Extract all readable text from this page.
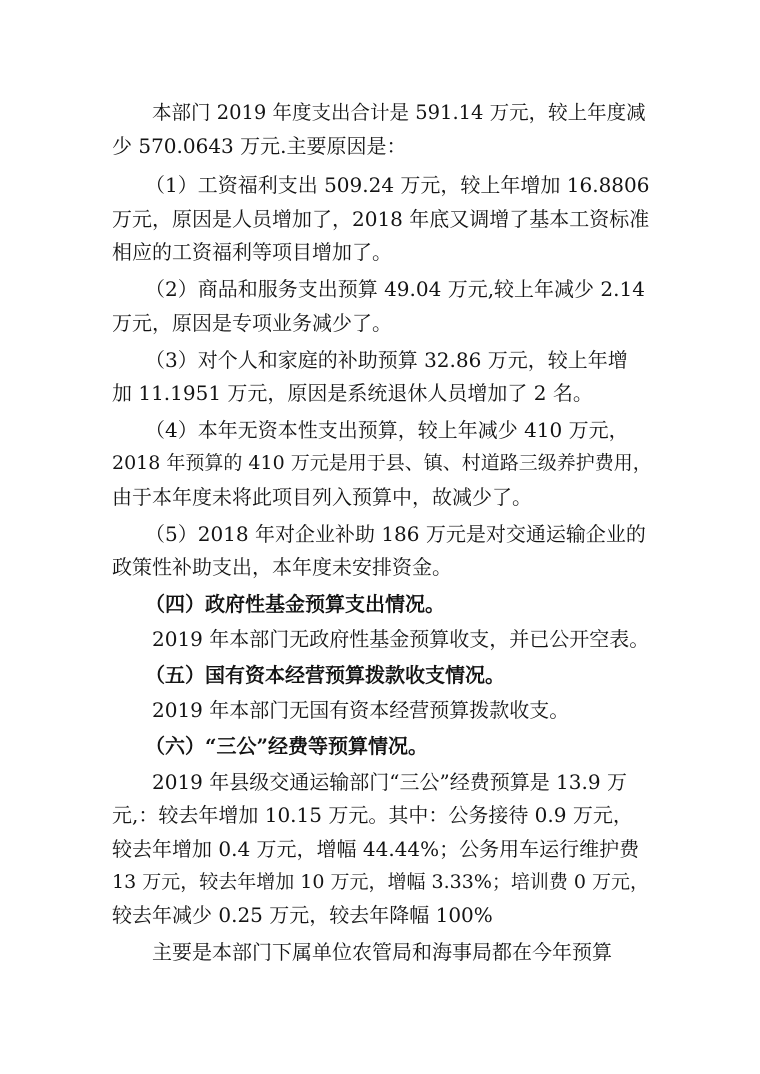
本部门 2019 年度支出合计是 591.14 万元，较上年度减
少 570.0643 万元.主要原因是：
（1）工资福利支出 509.24 万元，较上年增加 16.8806
万元，原因是人员增加了，2018 年底又调增了基本工资标准
相应的工资福利等项目增加了。
（2）商品和服务支出预算 49.04 万元,较上年减少 2.14
万元，原因是专项业务减少了。
（3）对个人和家庭的补助预算 32.86 万元，较上年增
加 11.1951 万元，原因是系统退休人员增加了 2 名。
（4）本年无资本性支出预算，较上年减少 410 万元，
2018 年预算的 410 万元是用于县、镇、村道路三级养护费用，
由于本年度未将此项目列入预算中，故减少了。
（5）2018 年对企业补助 186 万元是对交通运输企业的
政策性补助支出，本年度未安排资金。
（四）政府性基金预算支出情况。
2019 年本部门无政府性基金预算收支，并已公开空表。
（五）国有资本经营预算拨款收支情况。
2019 年本部门无国有资本经营预算拨款收支。
（六）“三公”经费等预算情况。
2019 年县级交通运输部门“三公”经费预算是 13.9 万
元,：较去年增加 10.15 万元。其中：公务接待 0.9 万元，
较去年增加 0.4 万元，增幅 44.44%；公务用车运行维护费
13 万元，较去年增加 10 万元，增幅 3.33%；培训费 0 万元，
较去年减少 0.25 万元，较去年降幅 100%
主要是本部门下属单位农管局和海事局都在今年预算
